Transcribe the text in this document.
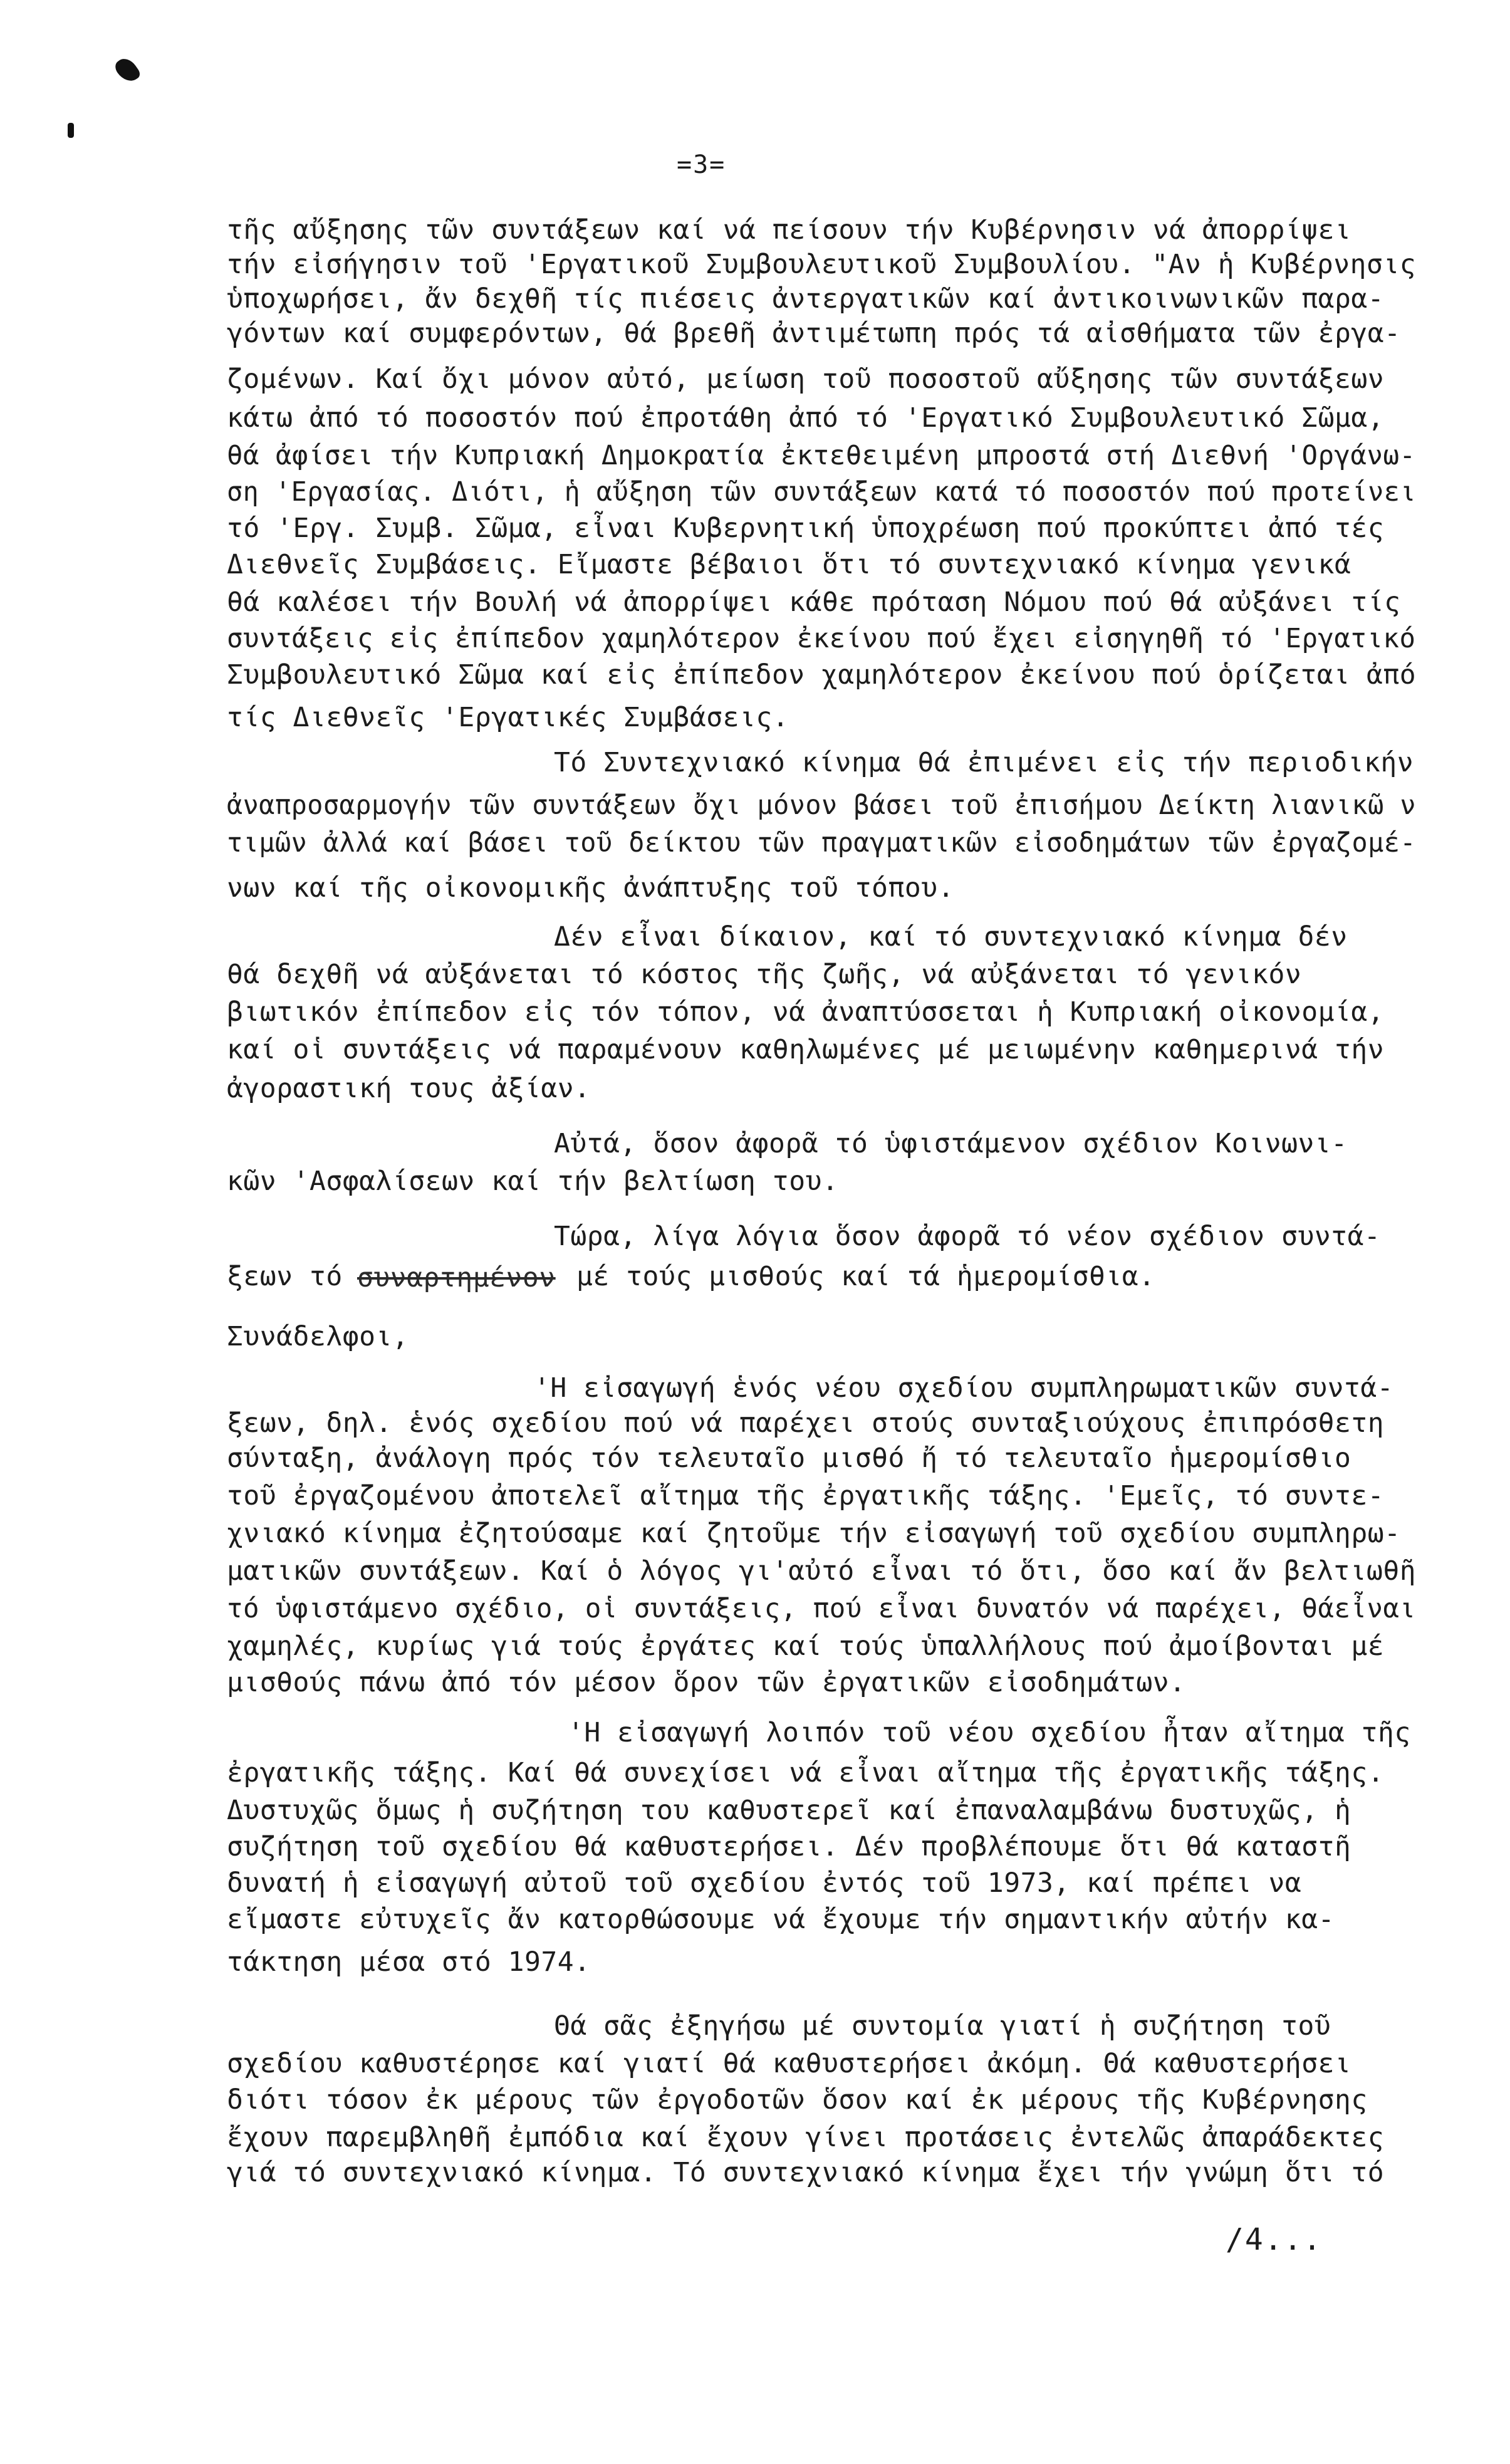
=3=
τῆς αὔξησης τῶν συντάξεων καί νά πείσουν τήν Κυβέρνησιν νά ἀπορρίψει
τήν εἰσήγησιν τοῦ 'Εργατικοῦ Συμβουλευτικοῦ Συμβουλίου. "Αν ἡ Κυβέρνησις
ὑποχωρήσει, ἄν δεχθῆ τίς πιέσεις ἀντεργατικῶν καί ἀντικοινωνικῶν παρα-
γόντων καί συμφερόντων, θά βρεθῆ ἀντιμέτωπη πρός τά αἰσθήματα τῶν ἐργα-
ζομένων. Καί ὄχι μόνον αὐτό, μείωση τοῦ ποσοστοῦ αὔξησης τῶν συντάξεων
κάτω ἀπό τό ποσοστόν πού ἐπροτάθη ἀπό τό 'Εργατικό Συμβουλευτικό Σῶμα,
θά ἀφίσει τήν Κυπριακή Δημοκρατία ἐκτεθειμένη μπροστά στή Διεθνή 'Οργάνω-
ση 'Εργασίας. Διότι, ἡ αὔξηση τῶν συντάξεων κατά τό ποσοστόν πού προτείνει
τό 'Εργ. Συμβ. Σῶμα, εἶναι Κυβερνητική ὑποχρέωση πού προκύπτει ἀπό τές
Διεθνεῖς Συμβάσεις. Εἴμαστε βέβαιοι ὅτι τό συντεχνιακό κίνημα γενικά
θά καλέσει τήν Βουλή νά ἀπορρίψει κάθε πρόταση Νόμου πού θά αὐξάνει τίς
συντάξεις εἰς ἐπίπεδον χαμηλότερον ἐκείνου πού ἔχει εἰσηγηθῆ τό 'Εργατικό
Συμβουλευτικό Σῶμα καί εἰς ἐπίπεδον χαμηλότερον ἐκείνου πού ὁρίζεται ἀπό
τίς Διεθνεῖς 'Εργατικές Συμβάσεις.
Τό Συντεχνιακό κίνημα θά ἐπιμένει εἰς τήν περιοδικήν
ἀναπροσαρμογήν τῶν συντάξεων ὄχι μόνον βάσει τοῦ ἐπισήμου Δείκτη λιανικῶ ν
τιμῶν ἀλλά καί βάσει τοῦ δείκτου τῶν πραγματικῶν εἰσοδημάτων τῶν ἐργαζομέ-
νων καί τῆς οἰκονομικῆς ἀνάπτυξης τοῦ τόπου.
Δέν εἶναι δίκαιον, καί τό συντεχνιακό κίνημα δέν
θά δεχθῆ νά αὐξάνεται τό κόστος τῆς ζωῆς, νά αὐξάνεται τό γενικόν
βιωτικόν ἐπίπεδον εἰς τόν τόπον, νά ἀναπτύσσεται ἡ Κυπριακή οἰκονομία,
καί οἱ συντάξεις νά παραμένουν καθηλωμένες μέ μειωμένην καθημερινά τήν
ἀγοραστική τους ἀξίαν.
Αὐτά, ὅσον ἀφορᾶ τό ὑφιστάμενον σχέδιον Κοινωνι-
κῶν 'Ασφαλίσεων καί τήν βελτίωση του.
Τώρα, λίγα λόγια ὅσον ἀφορᾶ τό νέον σχέδιον συντά-
ξεων τό συναρτημένον μέ τούς μισθούς καί τά ἡμερομίσθια.
Συνάδελφοι,
'Η εἰσαγωγή ἑνός νέου σχεδίου συμπληρωματικῶν συντά-
ξεων, δηλ. ἑνός σχεδίου πού νά παρέχει στούς συνταξιούχους ἐπιπρόσθετη
σύνταξη, ἀνάλογη πρός τόν τελευταῖο μισθό ἤ τό τελευταῖο ἡμερομίσθιο
τοῦ ἐργαζομένου ἀποτελεῖ αἴτημα τῆς ἐργατικῆς τάξης. 'Εμεῖς, τό συντε-
χνιακό κίνημα ἐζητούσαμε καί ζητοῦμε τήν εἰσαγωγή τοῦ σχεδίου συμπληρω-
ματικῶν συντάξεων. Καί ὁ λόγος γι'αὐτό εἶναι τό ὅτι, ὅσο καί ἄν βελτιωθῆ
τό ὑφιστάμενο σχέδιο, οἱ συντάξεις, πού εἶναι δυνατόν νά παρέχει, θάεἶναι
χαμηλές, κυρίως γιά τούς ἐργάτες καί τούς ὑπαλλήλους πού ἀμοίβονται μέ
μισθούς πάνω ἀπό τόν μέσον ὅρον τῶν ἐργατικῶν εἰσοδημάτων.
'Η εἰσαγωγή λοιπόν τοῦ νέου σχεδίου ἦταν αἴτημα τῆς
ἐργατικῆς τάξης. Καί θά συνεχίσει νά εἶναι αἴτημα τῆς ἐργατικῆς τάξης.
Δυστυχῶς ὅμως ἡ συζήτηση του καθυστερεῖ καί ἐπαναλαμβάνω δυστυχῶς, ἡ
συζήτηση τοῦ σχεδίου θά καθυστερήσει. Δέν προβλέπουμε ὅτι θά καταστῆ
δυνατή ἡ εἰσαγωγή αὐτοῦ τοῦ σχεδίου ἐντός τοῦ 1973, καί πρέπει να
εἴμαστε εὐτυχεῖς ἄν κατορθώσουμε νά ἔχουμε τήν σημαντικήν αὐτήν κα-
τάκτηση μέσα στό 1974.
Θά σᾶς ἐξηγήσω μέ συντομία γιατί ἡ συζήτηση τοῦ
σχεδίου καθυστέρησε καί γιατί θά καθυστερήσει ἀκόμη. Θά καθυστερήσει
διότι τόσον ἐκ μέρους τῶν ἐργοδοτῶν ὅσον καί ἐκ μέρους τῆς Κυβέρνησης
ἔχουν παρεμβληθῆ ἐμπόδια καί ἔχουν γίνει προτάσεις ἐντελῶς ἀπαράδεκτες
γιά τό συντεχνιακό κίνημα. Τό συντεχνιακό κίνημα ἔχει τήν γνώμη ὅτι τό
/4...
